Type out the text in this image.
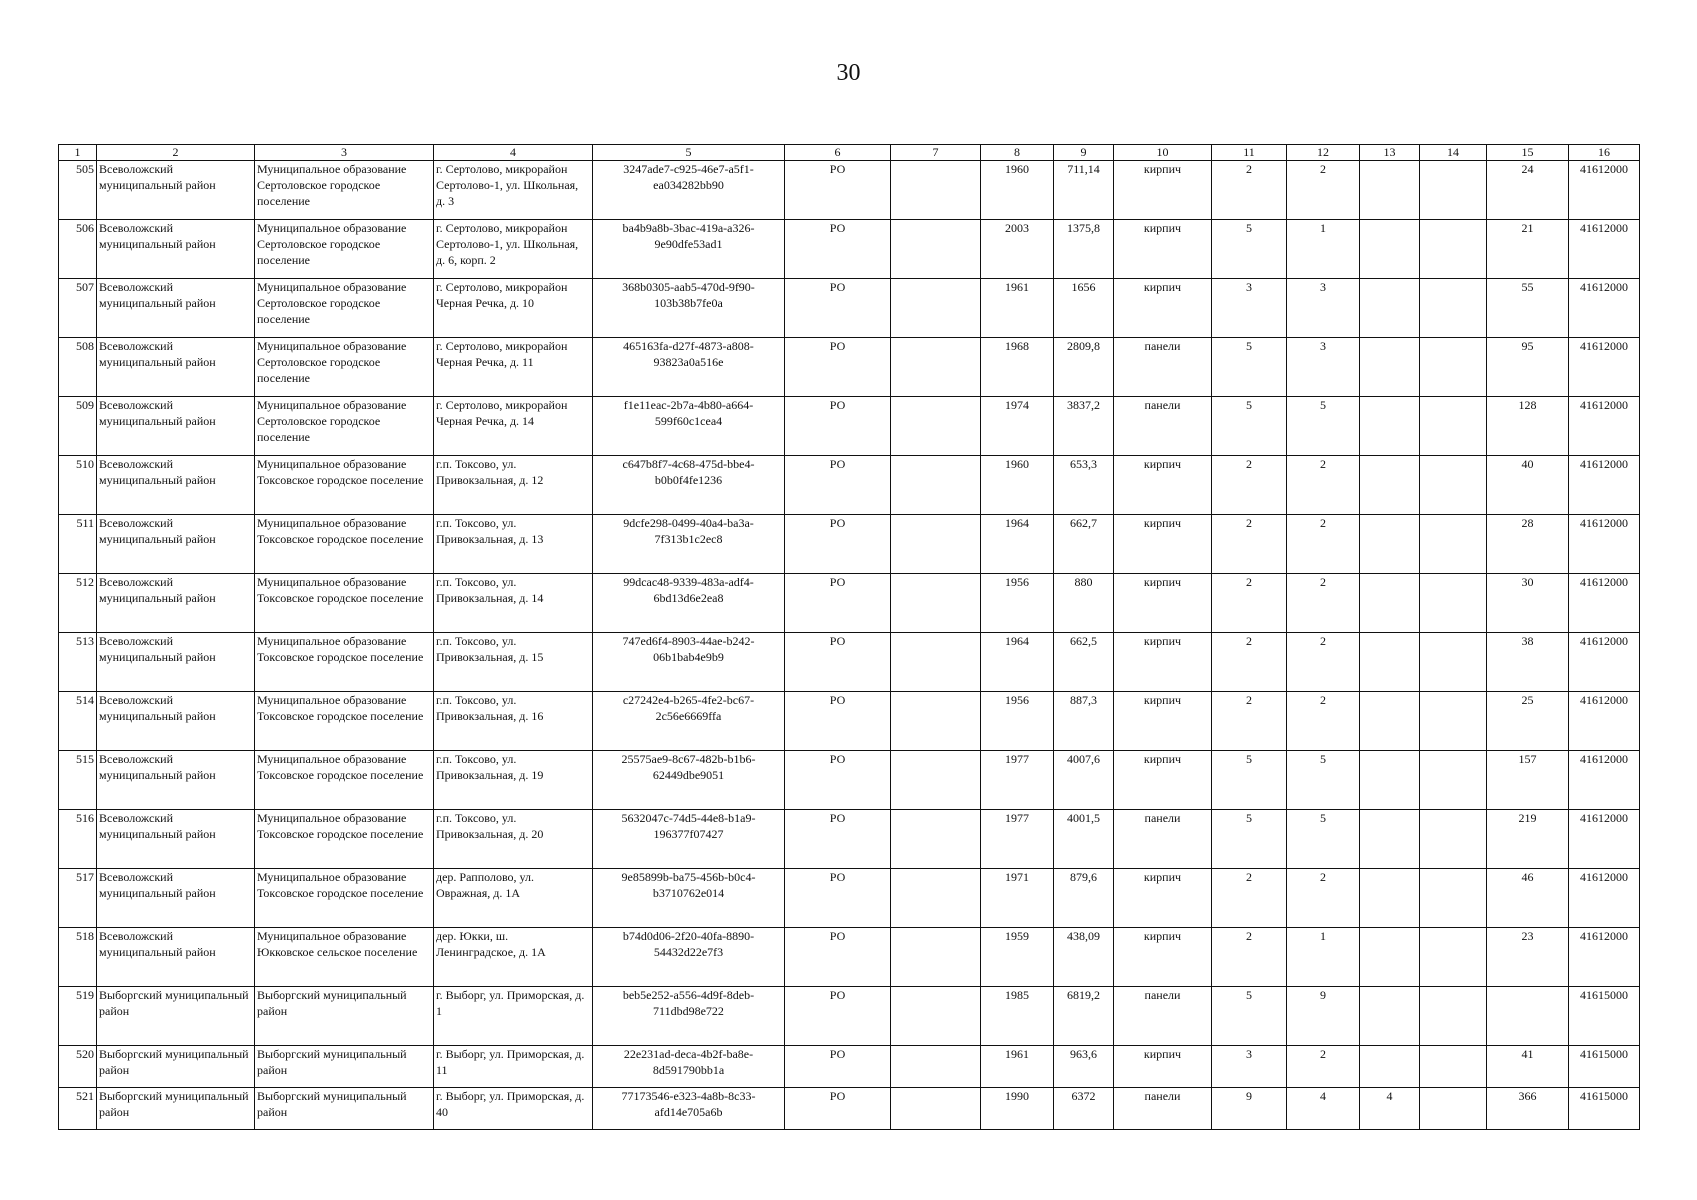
30
1	2	3	4	5	6	7	8	9	10	11	12	13	14	15	16
505	Всеволожский муниципальный район	Муниципальное образование Сертоловское городское поселение	г. Сертолово, микрорайон Сертолово-1, ул. Школьная, д. 3	3247ade7-c925-46e7-a5f1-ea034282bb90	РО		1960	711,14	кирпич	2	2			24	41612000
506	Всеволожский муниципальный район	Муниципальное образование Сертоловское городское поселение	г. Сертолово, микрорайон Сертолово-1, ул. Школьная, д. 6, корп. 2	ba4b9a8b-3bac-419a-a326-9e90dfe53ad1	РО		2003	1375,8	кирпич	5	1			21	41612000
507	Всеволожский муниципальный район	Муниципальное образование Сертоловское городское поселение	г. Сертолово, микрорайон Черная Речка, д. 10	368b0305-aab5-470d-9f90-103b38b7fe0a	РО		1961	1656	кирпич	3	3			55	41612000
508	Всеволожский муниципальный район	Муниципальное образование Сертоловское городское поселение	г. Сертолово, микрорайон Черная Речка, д. 11	465163fa-d27f-4873-a808-93823a0a516e	РО		1968	2809,8	панели	5	3			95	41612000
509	Всеволожский муниципальный район	Муниципальное образование Сертоловское городское поселение	г. Сертолово, микрорайон Черная Речка, д. 14	f1e11eac-2b7a-4b80-a664-599f60c1cea4	РО		1974	3837,2	панели	5	5			128	41612000
510	Всеволожский муниципальный район	Муниципальное образование Токсовское городское поселение	г.п. Токсово, ул. Привокзальная, д. 12	c647b8f7-4c68-475d-bbe4-b0b0f4fe1236	РО		1960	653,3	кирпич	2	2			40	41612000
511	Всеволожский муниципальный район	Муниципальное образование Токсовское городское поселение	г.п. Токсово, ул. Привокзальная, д. 13	9dcfe298-0499-40a4-ba3a-7f313b1c2ec8	РО		1964	662,7	кирпич	2	2			28	41612000
512	Всеволожский муниципальный район	Муниципальное образование Токсовское городское поселение	г.п. Токсово, ул. Привокзальная, д. 14	99dcac48-9339-483a-adf4-6bd13d6e2ea8	РО		1956	880	кирпич	2	2			30	41612000
513	Всеволожский муниципальный район	Муниципальное образование Токсовское городское поселение	г.п. Токсово, ул. Привокзальная, д. 15	747ed6f4-8903-44ae-b242-06b1bab4e9b9	РО		1964	662,5	кирпич	2	2			38	41612000
514	Всеволожский муниципальный район	Муниципальное образование Токсовское городское поселение	г.п. Токсово, ул. Привокзальная, д. 16	c27242e4-b265-4fe2-bc67-2c56e6669ffa	РО		1956	887,3	кирпич	2	2			25	41612000
515	Всеволожский муниципальный район	Муниципальное образование Токсовское городское поселение	г.п. Токсово, ул. Привокзальная, д. 19	25575ae9-8c67-482b-b1b6-62449dbe9051	РО		1977	4007,6	кирпич	5	5			157	41612000
516	Всеволожский муниципальный район	Муниципальное образование Токсовское городское поселение	г.п. Токсово, ул. Привокзальная, д. 20	5632047c-74d5-44e8-b1a9-196377f07427	РО		1977	4001,5	панели	5	5			219	41612000
517	Всеволожский муниципальный район	Муниципальное образование Токсовское городское поселение	дер. Рапполово, ул. Овражная, д. 1А	9e85899b-ba75-456b-b0c4-b3710762e014	РО		1971	879,6	кирпич	2	2			46	41612000
518	Всеволожский муниципальный район	Муниципальное образование Юкковское сельское поселение	дер. Юкки, ш. Ленинградское, д. 1А	b74d0d06-2f20-40fa-8890-54432d22e7f3	РО		1959	438,09	кирпич	2	1			23	41612000
519	Выборгский муниципальный район	Выборгский муниципальный район	г. Выборг, ул. Приморская, д. 1	beb5e252-a556-4d9f-8deb-711dbd98e722	РО		1985	6819,2	панели	5	9				41615000
520	Выборгский муниципальный район	Выборгский муниципальный район	г. Выборг, ул. Приморская, д. 11	22e231ad-deca-4b2f-ba8e-8d591790bb1a	РО		1961	963,6	кирпич	3	2			41	41615000
521	Выборгский муниципальный район	Выборгский муниципальный район	г. Выборг, ул. Приморская, д. 40	77173546-e323-4a8b-8c33-afd14e705a6b	РО		1990	6372	панели	9	4	4		366	41615000
